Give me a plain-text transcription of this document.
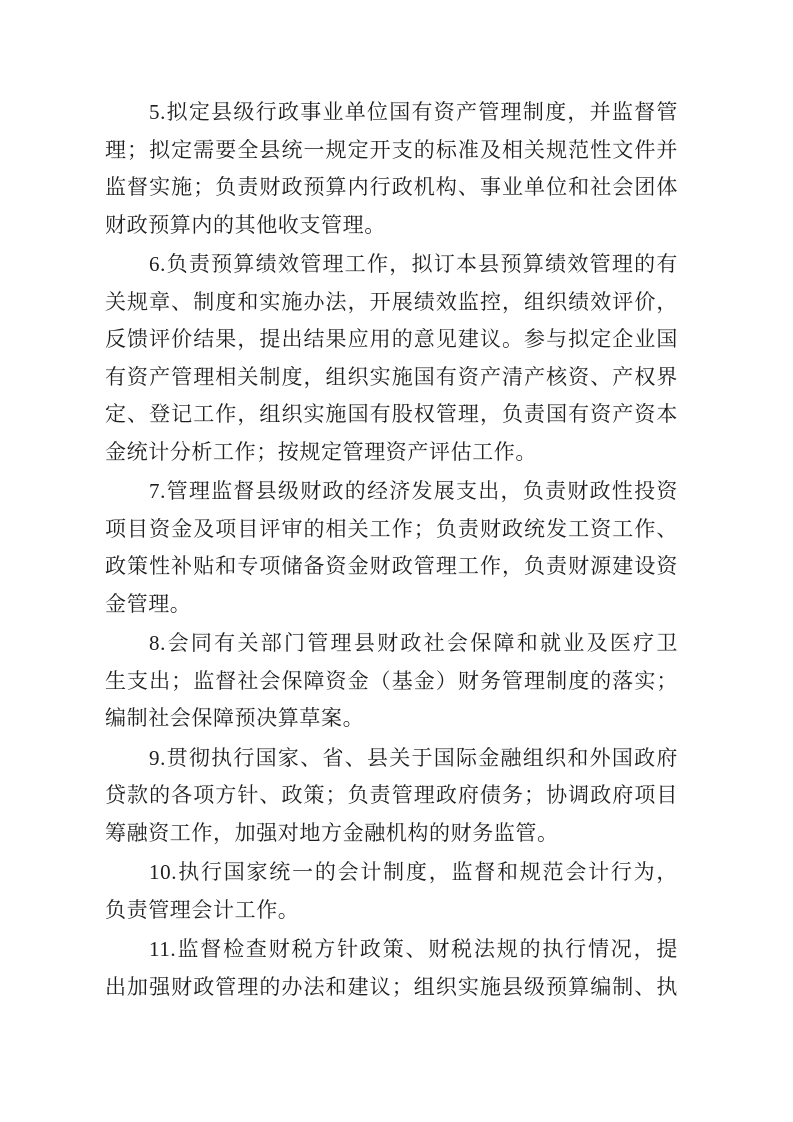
5.拟定县级行政事业单位国有资产管理制度，并监督管
理；拟定需要全县统一规定开支的标准及相关规范性文件并
监督实施；负责财政预算内行政机构、事业单位和社会团体
财政预算内的其他收支管理。
6.负责预算绩效管理工作，拟订本县预算绩效管理的有
关规章、制度和实施办法，开展绩效监控，组织绩效评价，
反馈评价结果，提出结果应用的意见建议。参与拟定企业国
有资产管理相关制度，组织实施国有资产清产核资、产权界
定、登记工作，组织实施国有股权管理，负责国有资产资本
金统计分析工作；按规定管理资产评估工作。
7.管理监督县级财政的经济发展支出，负责财政性投资
项目资金及项目评审的相关工作；负责财政统发工资工作、
政策性补贴和专项储备资金财政管理工作，负责财源建设资
金管理。
8.会同有关部门管理县财政社会保障和就业及医疗卫
生支出；监督社会保障资金（基金）财务管理制度的落实；
编制社会保障预决算草案。
9.贯彻执行国家、省、县关于国际金融组织和外国政府
贷款的各项方针、政策；负责管理政府债务；协调政府项目
筹融资工作，加强对地方金融机构的财务监管。
10.执行国家统一的会计制度，监督和规范会计行为，
负责管理会计工作。
11.监督检查财税方针政策、财税法规的执行情况，提
出加强财政管理的办法和建议；组织实施县级预算编制、执
